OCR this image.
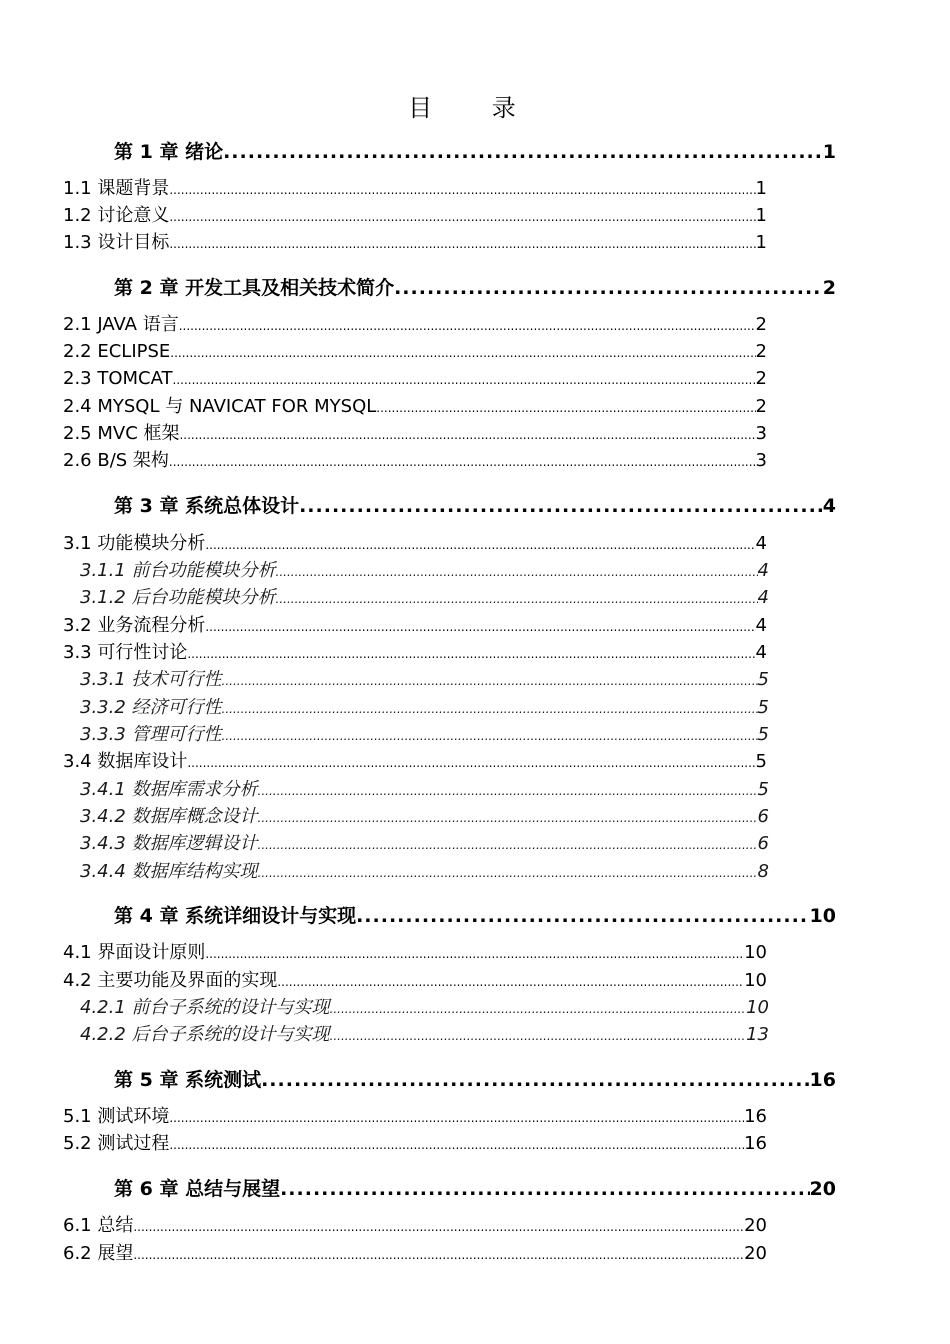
目 录
第 1 章 绪论 .....	1
1.1 课题背景 .....	1
1.2 讨论意义 .....	1
1.3 设计目标 .....	1
第 2 章 开发工具及相关技术简介 .....	2
2.1 JAVA 语言 .....	2
2.2 ECLIPSE .....	2
2.3 TOMCAT .....	2
2.4 MYSQL 与 NAVICAT FOR MYSQL .....	2
2.5 MVC 框架 .....	3
2.6 B/S 架构 .....	3
第 3 章 系统总体设计 .....	4
3.1 功能模块分析 .....	4
3.1.1 前台功能模块分析 .....	4
3.1.2 后台功能模块分析 .....	4
3.2 业务流程分析 .....	4
3.3 可行性讨论 .....	4
3.3.1 技术可行性 .....	5
3.3.2 经济可行性 .....	5
3.3.3 管理可行性 .....	5
3.4 数据库设计 .....	5
3.4.1 数据库需求分析 .....	5
3.4.2 数据库概念设计 .....	6
3.4.3 数据库逻辑设计 .....	6
3.4.4 数据库结构实现 .....	8
第 4 章 系统详细设计与实现 .....	10
4.1 界面设计原则 .....	10
4.2 主要功能及界面的实现 .....	10
4.2.1 前台子系统的设计与实现 .....	10
4.2.2 后台子系统的设计与实现 .....	13
第 5 章 系统测试 .....	16
5.1 测试环境 .....	16
5.2 测试过程 .....	16
第 6 章 总结与展望 .....	20
6.1 总结 .....	20
6.2 展望 .....	20
